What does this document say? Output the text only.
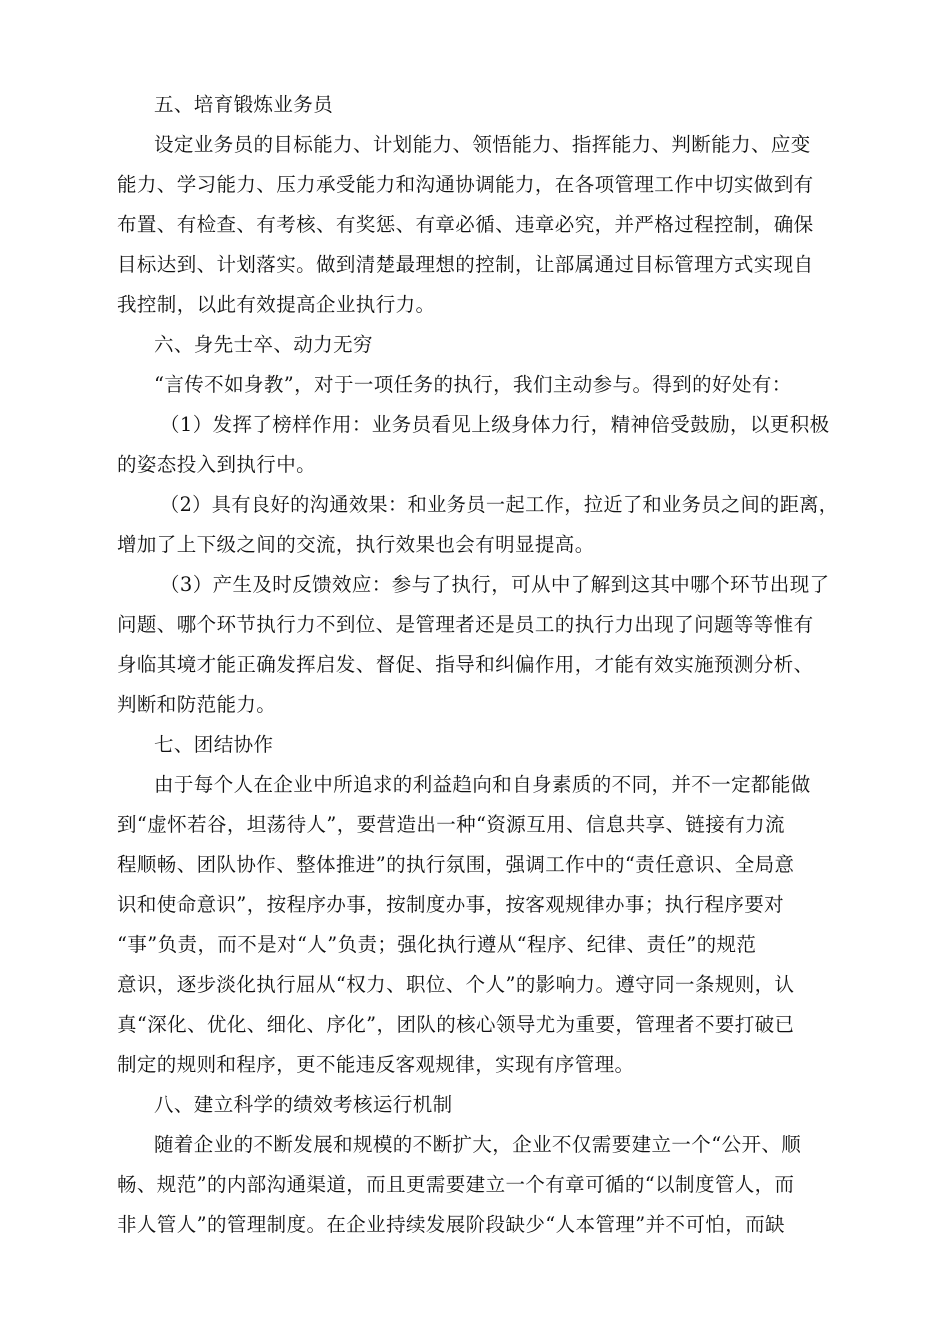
五、培育锻炼业务员
设定业务员的目标能力、计划能力、领悟能力、指挥能力、判断能力、应变
能力、学习能力、压力承受能力和沟通协调能力，在各项管理工作中切实做到有
布置、有检查、有考核、有奖惩、有章必循、违章必究，并严格过程控制，确保
目标达到、计划落实。做到清楚最理想的控制，让部属通过目标管理方式实现自
我控制，以此有效提高企业执行力。
六、身先士卒、动力无穷
“言传不如身教”，对于一项任务的执行，我们主动参与。得到的好处有：
（1）发挥了榜样作用：业务员看见上级身体力行，精神倍受鼓励，以更积极
的姿态投入到执行中。
（2）具有良好的沟通效果：和业务员一起工作，拉近了和业务员之间的距离，
增加了上下级之间的交流，执行效果也会有明显提高。
（3）产生及时反馈效应：参与了执行，可从中了解到这其中哪个环节出现了
问题、哪个环节执行力不到位、是管理者还是员工的执行力出现了问题等等惟有
身临其境才能正确发挥启发、督促、指导和纠偏作用，才能有效实施预测分析、
判断和防范能力。
七、团结协作
由于每个人在企业中所追求的利益趋向和自身素质的不同，并不一定都能做
到“虚怀若谷，坦荡待人”，要营造出一种“资源互用、信息共享、链接有力流
程顺畅、团队协作、整体推进”的执行氛围，强调工作中的“责任意识、全局意
识和使命意识”，按程序办事，按制度办事，按客观规律办事；执行程序要对
“事”负责，而不是对“人”负责；强化执行遵从“程序、纪律、责任”的规范
意识，逐步淡化执行屈从“权力、职位、个人”的影响力。遵守同一条规则，认
真“深化、优化、细化、序化”，团队的核心领导尤为重要，管理者不要打破已
制定的规则和程序，更不能违反客观规律，实现有序管理。
八、建立科学的绩效考核运行机制
随着企业的不断发展和规模的不断扩大，企业不仅需要建立一个“公开、顺
畅、规范”的内部沟通渠道，而且更需要建立一个有章可循的“以制度管人，而
非人管人”的管理制度。在企业持续发展阶段缺少“人本管理”并不可怕，而缺
